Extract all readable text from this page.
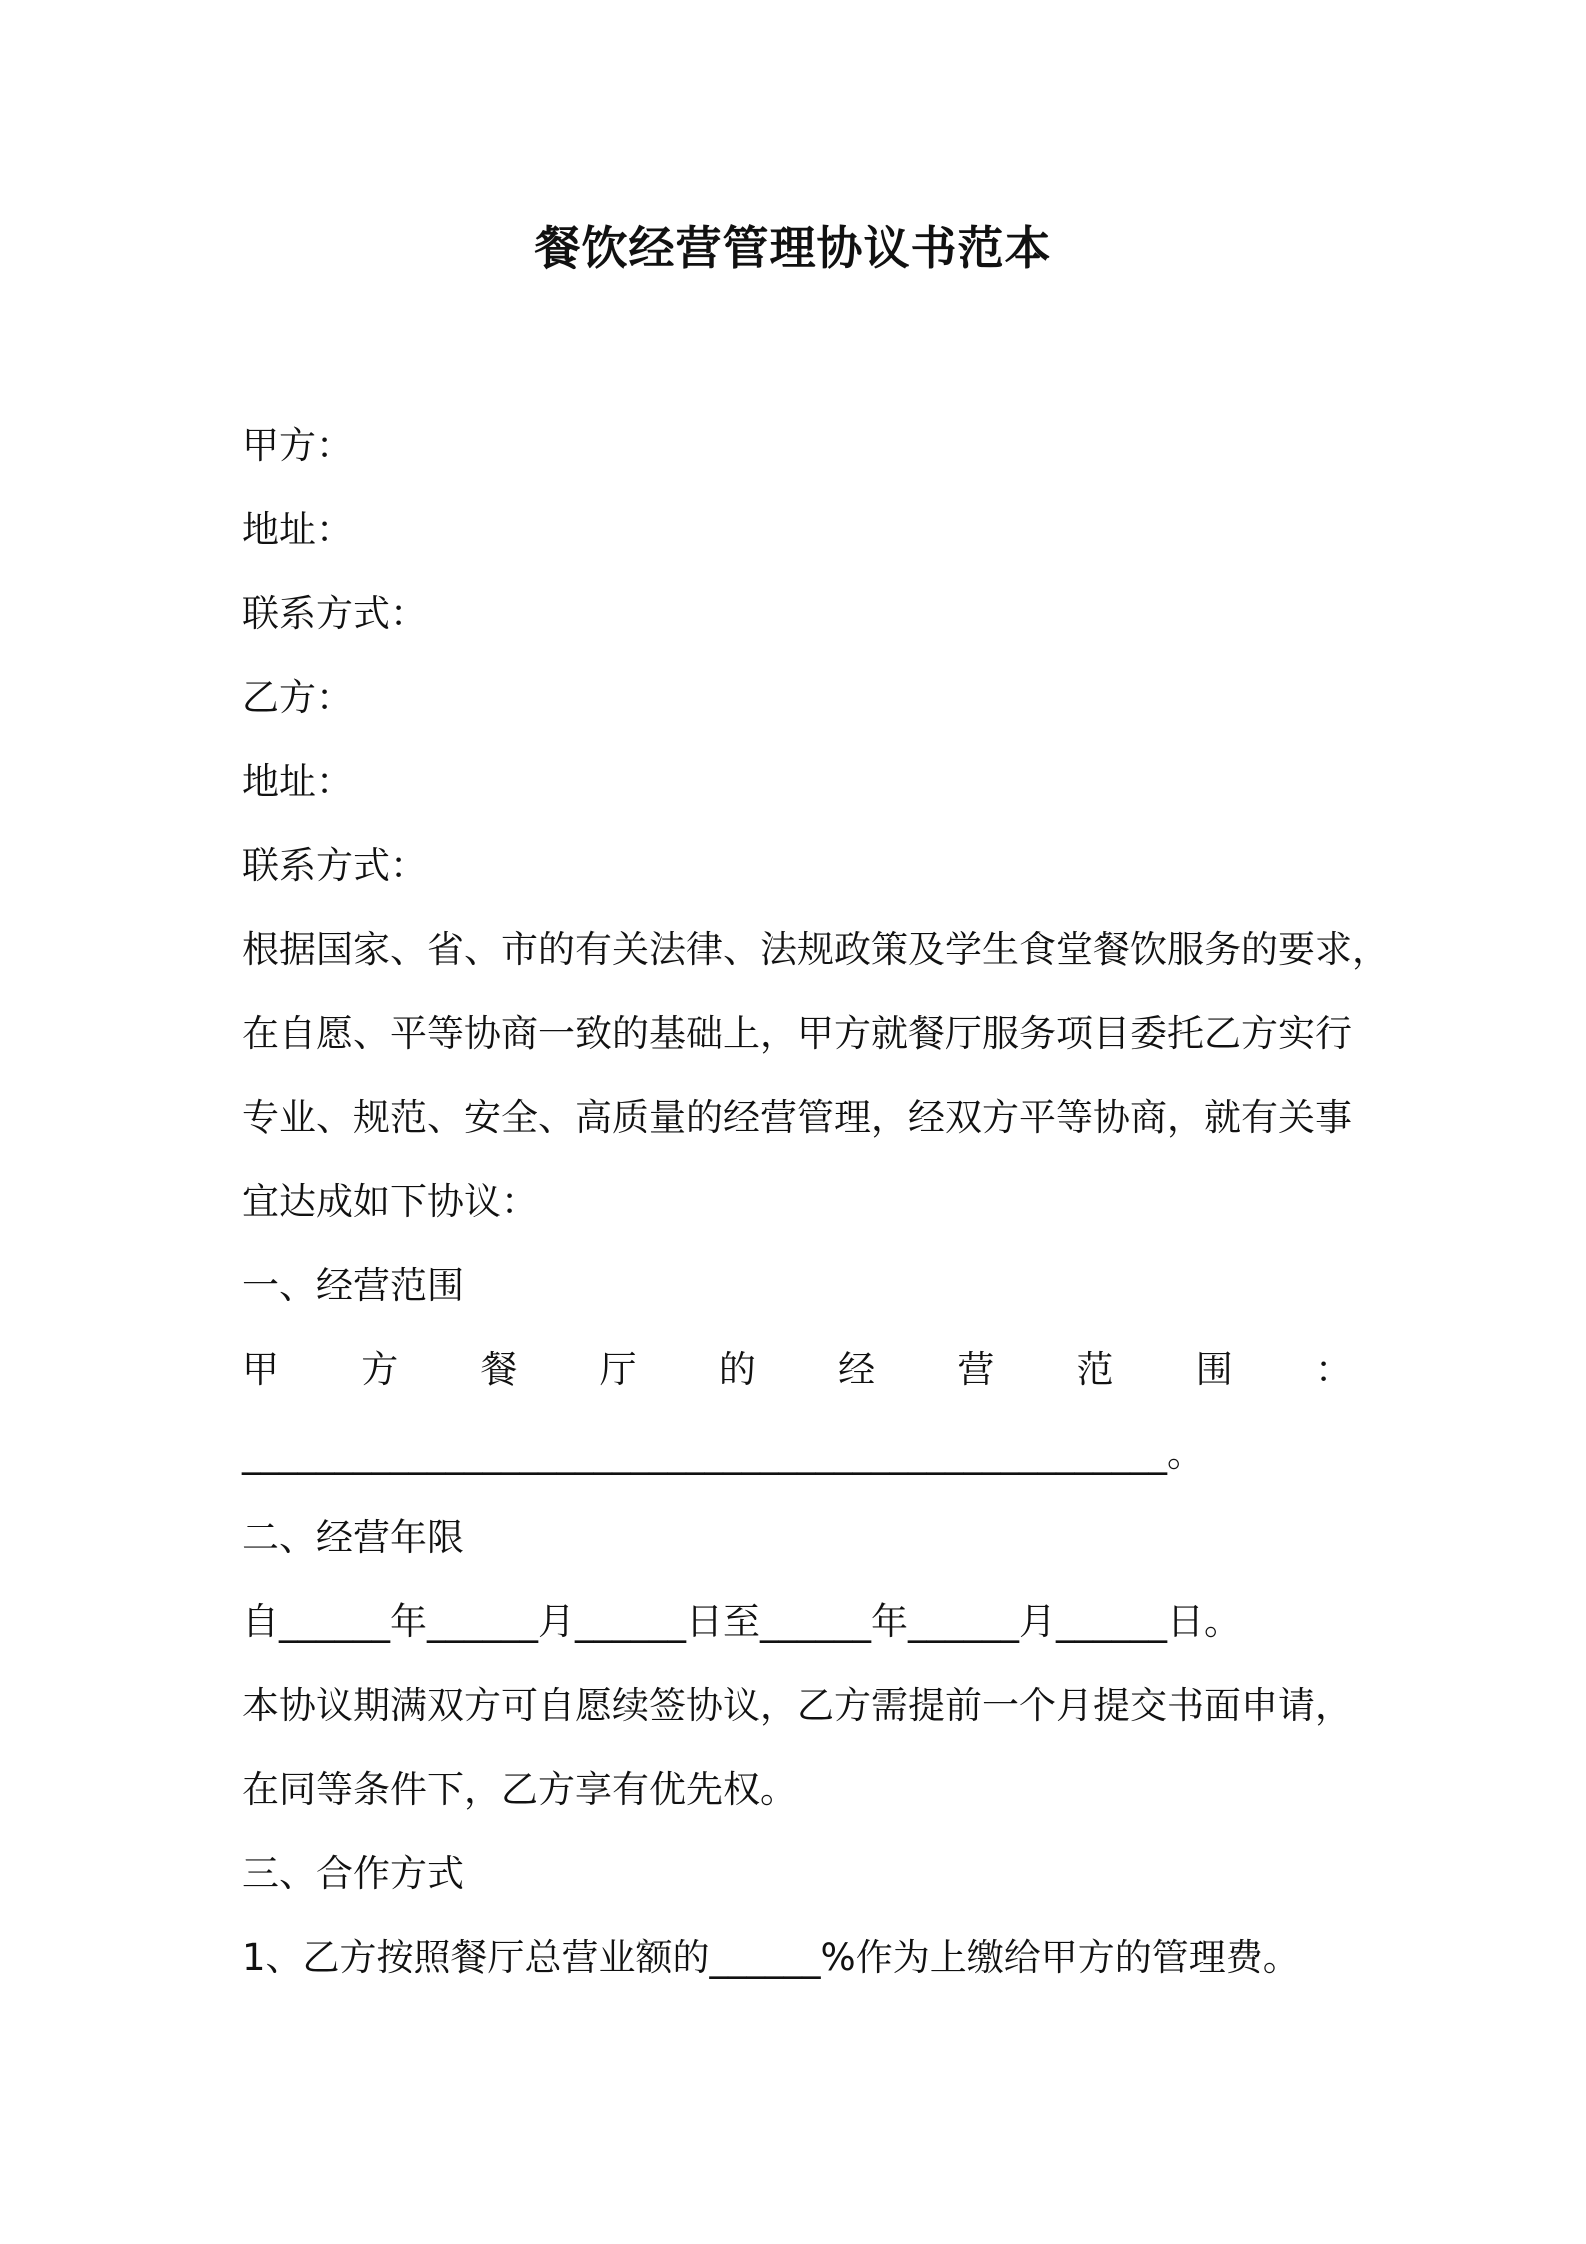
餐饮经营管理协议书范本
甲方：
地址：
联系方式：
乙方：
地址：
联系方式：
根据国家、省、市的有关法律、法规政策及学生食堂餐饮服务的要求，
在自愿、平等协商一致的基础上，甲方就餐厅服务项目委托乙方实行
专业、规范、安全、高质量的经营管理，经双方平等协商，就有关事
宜达成如下协议：
一、经营范围
甲 方 餐 厅 的 经 营 范 围 ：
__________________________________________________。
二、经营年限
自______年______月______日至______年______月______日。
本协议期满双方可自愿续签协议，乙方需提前一个月提交书面申请，
在同等条件下，乙方享有优先权。
三、合作方式
1、乙方按照餐厅总营业额的______%作为上缴给甲方的管理费。
